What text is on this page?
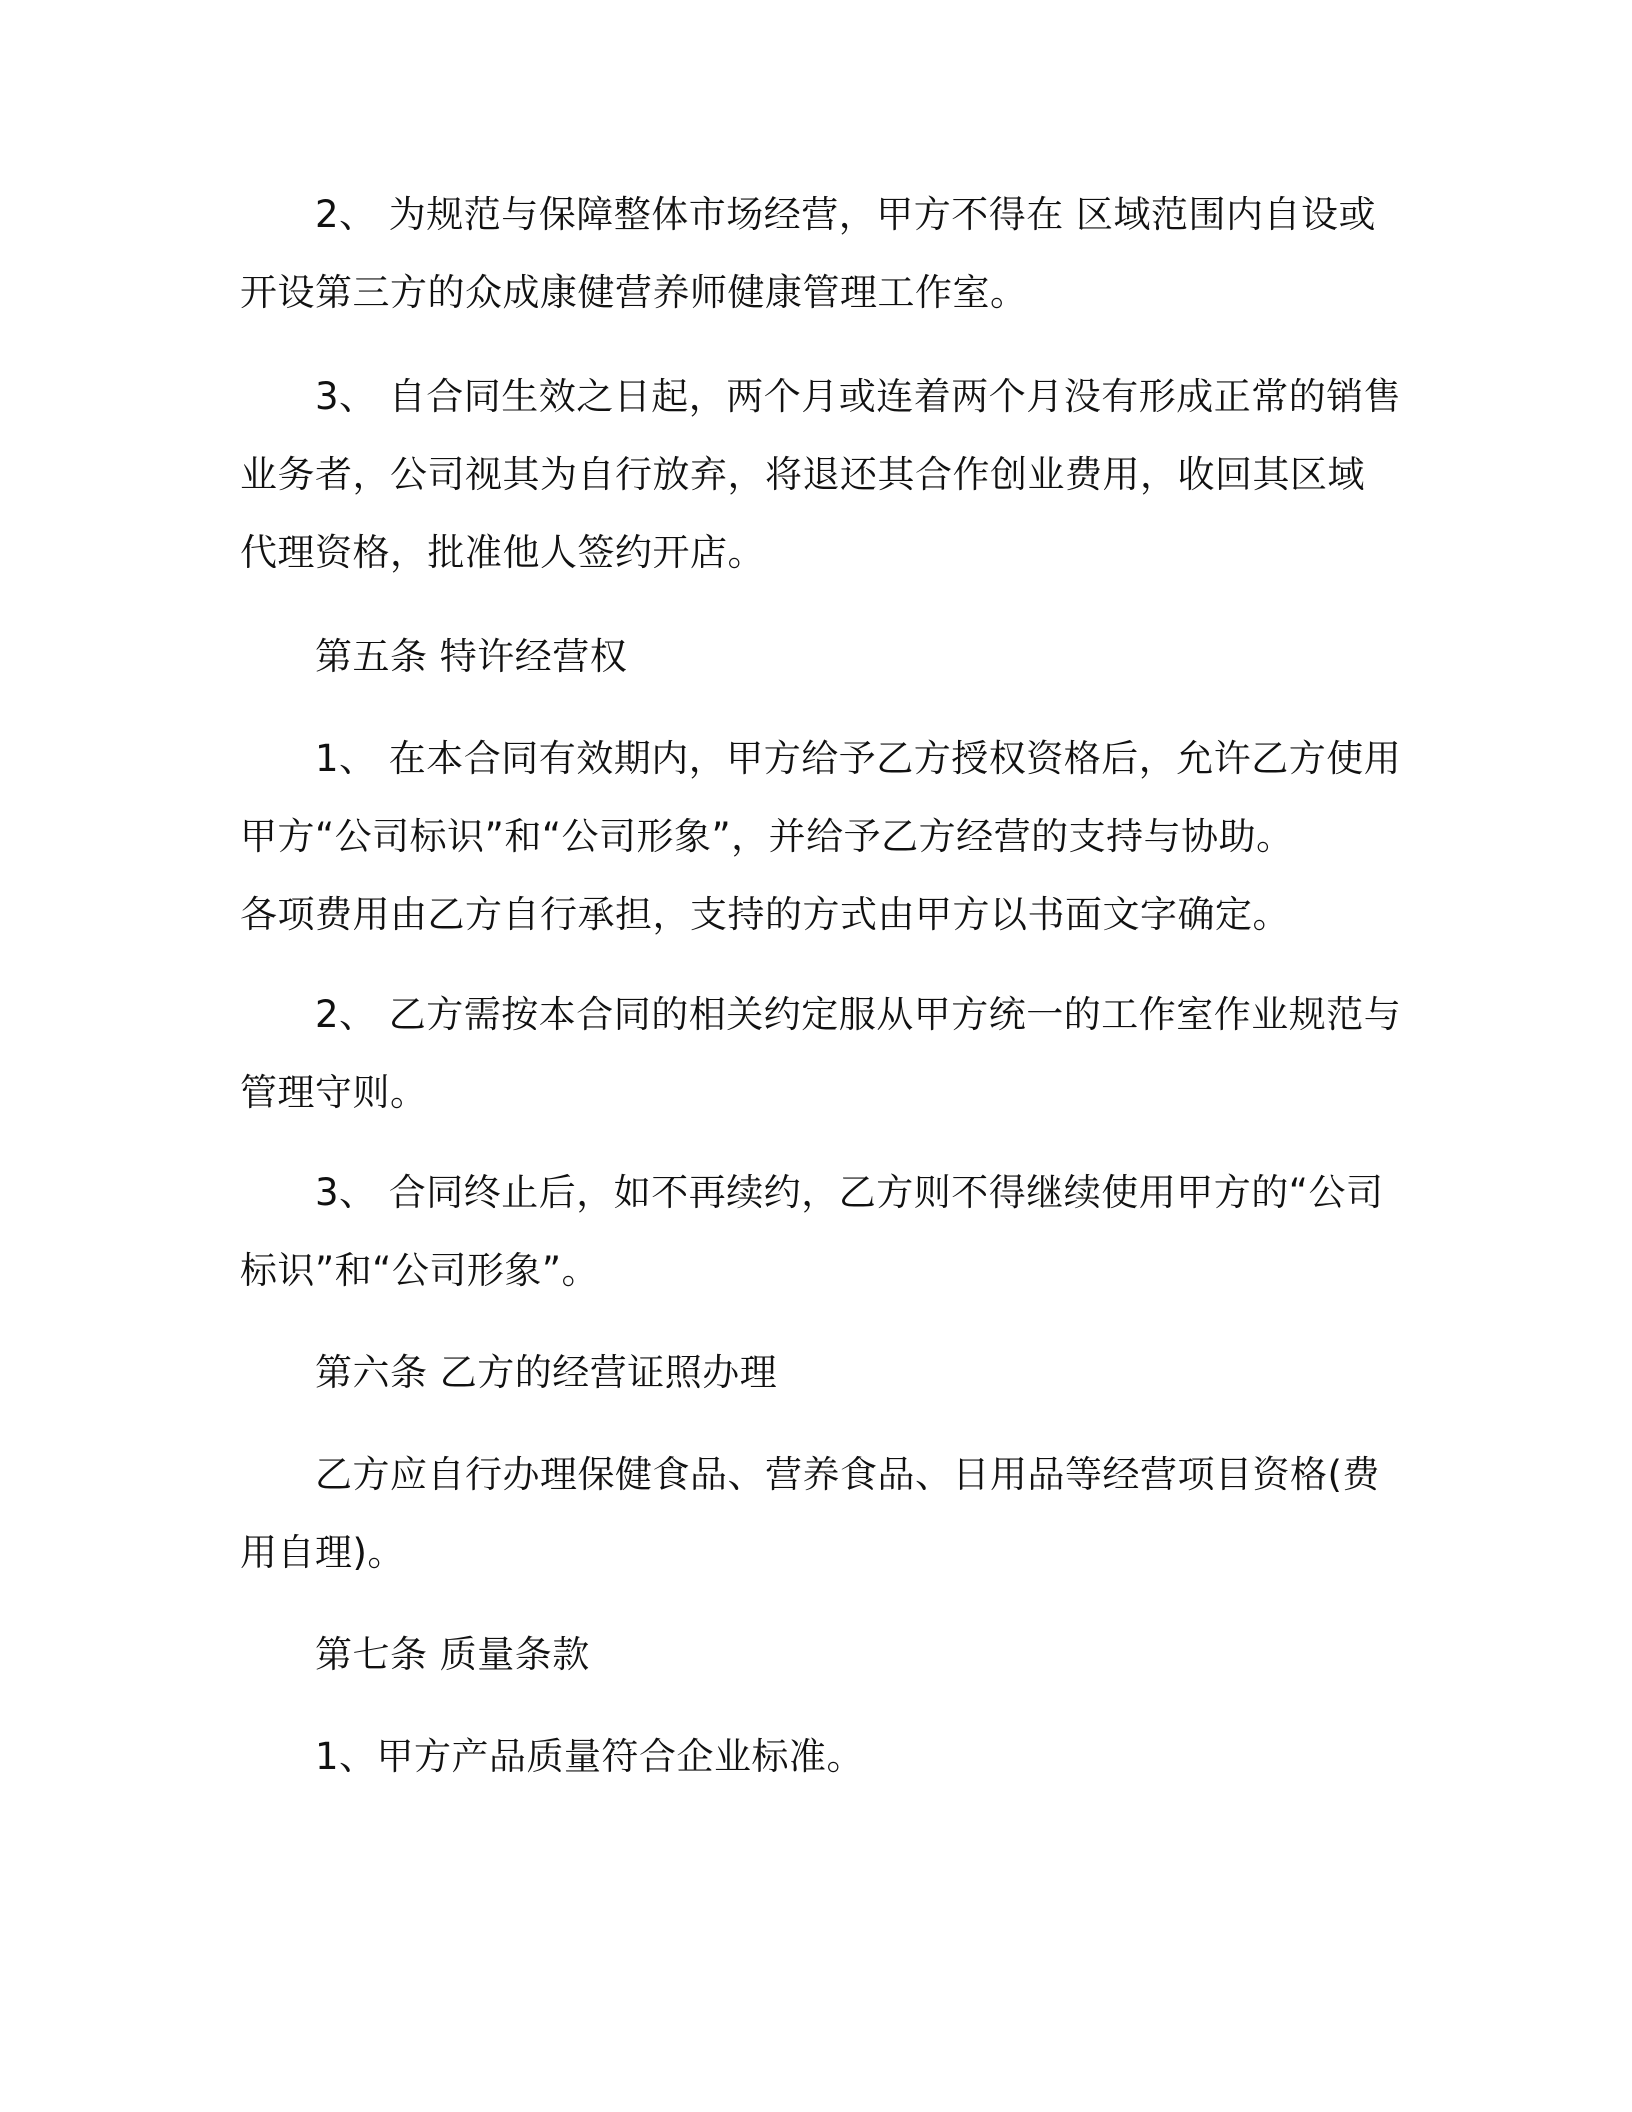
2、 为规范与保障整体市场经营，甲方不得在 区域范围内自设或
开设第三方的众成康健营养师健康管理工作室。
3、 自合同生效之日起，两个月或连着两个月没有形成正常的销售
业务者，公司视其为自行放弃，将退还其合作创业费用，收回其区域
代理资格，批准他人签约开店。
第五条 特许经营权
1、 在本合同有效期内，甲方给予乙方授权资格后，允许乙方使用
甲方“公司标识”和“公司形象”，并给予乙方经营的支持与协助。
各项费用由乙方自行承担，支持的方式由甲方以书面文字确定。
2、 乙方需按本合同的相关约定服从甲方统一的工作室作业规范与
管理守则。
3、 合同终止后，如不再续约，乙方则不得继续使用甲方的“公司
标识”和“公司形象”。
第六条 乙方的经营证照办理
乙方应自行办理保健食品、营养食品、日用品等经营项目资格(费
用自理)。
第七条 质量条款
1、甲方产品质量符合企业标准。
